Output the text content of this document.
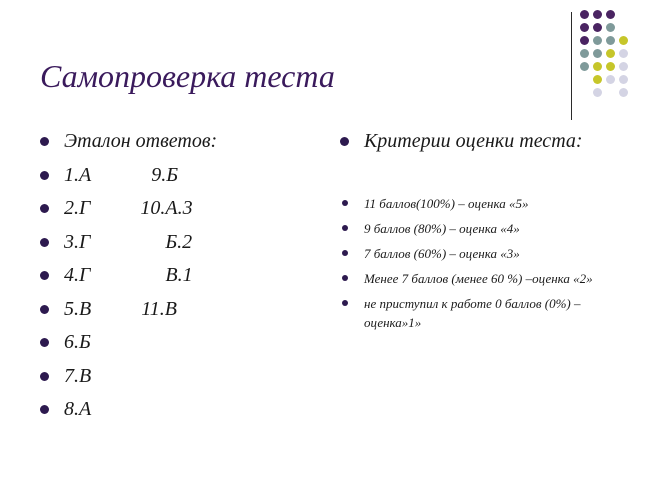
Самопроверка теста
Эталон ответов:
1.А            9.Б
2.Г          10.А.3
3.Г               Б.2
4.Г               В.1
5.В          11.В
6.Б
7.В
8.А
Критерии оценки теста:
11 баллов(100%) – оценка «5»
9 баллов (80%) – оценка «4»
7 баллов (60%) – оценка «3»
Менее 7 баллов (менее 60 %) –оценка «2»
не приступил к работе 0 баллов (0%) – оценка»1»
